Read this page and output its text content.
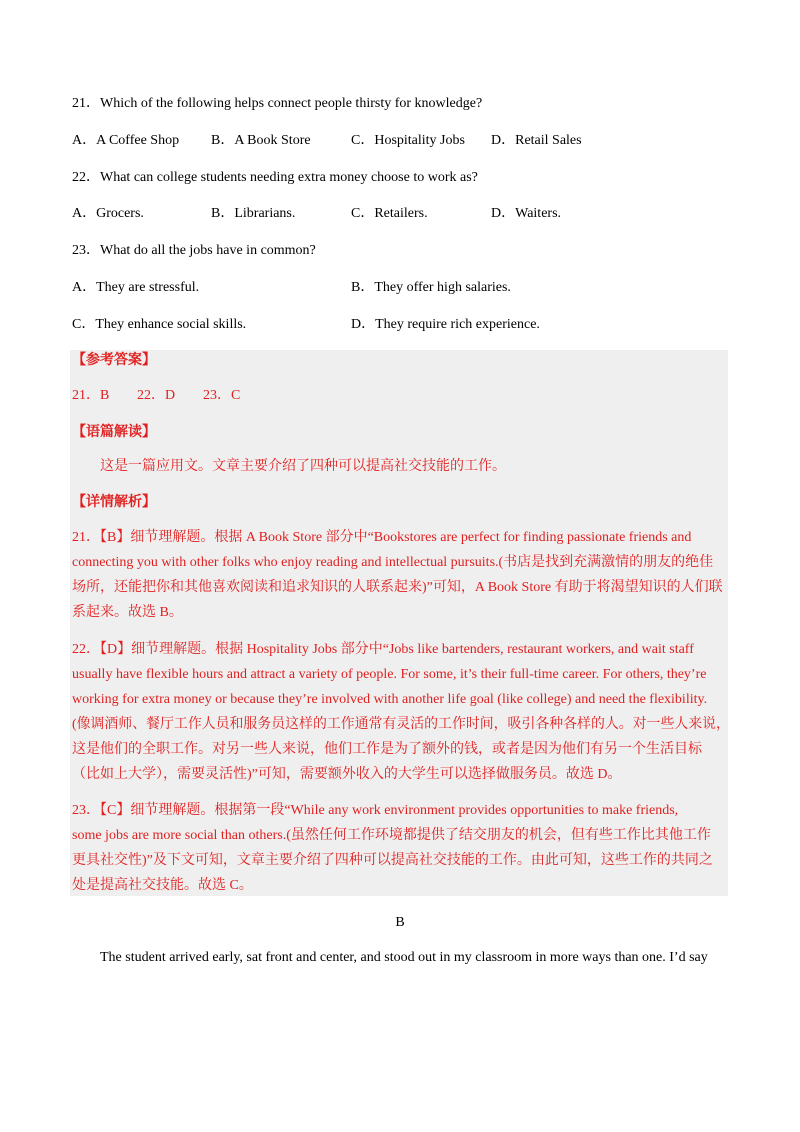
21．Which of the following helps connect people thirsty for knowledge?
A．A Coffee Shop B．A Book Store	C．Hospitality Jobs D．Retail Sales
22．What can college students needing extra money choose to work as?
A．Grocers.	B．Librarians.	C．Retailers.	D．Waiters.
23．What do all the jobs have in common?
A．They are stressful.	B．They offer high salaries.
C．They enhance social skills.	D．They require rich experience.
【参考答案】
21．B 22．D 23．C
【语篇解读】
这是一篇应用文。文章主要介绍了四种可以提高社交技能的工作。
【详情解析】
21．【B】细节理解题。根据 A Book Store 部分中“Bookstores are perfect for finding passionate friends and
connecting you with other folks who enjoy reading and intellectual pursuits.(书店是找到充满激情的朋友的绝佳
场所，还能把你和其他喜欢阅读和追求知识的人联系起来)”可知，A Book Store 有助于将渴望知识的人们联
系起来。故选 B。
22．【D】细节理解题。根据 Hospitality Jobs 部分中“Jobs like bartenders, restaurant workers, and wait staff
usually have flexible hours and attract a variety of people. For some, it’s their full-time career. For others, they’re
working for extra money or because they’re involved with another life goal (like college) and need the flexibility.
(像调酒师、餐厅工作人员和服务员这样的工作通常有灵活的工作时间，吸引各种各样的人。对一些人来说，
这是他们的全职工作。对另一些人来说，他们工作是为了额外的钱，或者是因为他们有另一个生活目标
（比如上大学），需要灵活性)”可知，需要额外收入的大学生可以选择做服务员。故选 D。
23．【C】细节理解题。根据第一段“While any work environment provides opportunities to make friends,
some jobs are more social than others.(虽然任何工作环境都提供了结交朋友的机会，但有些工作比其他工作
更具社交性)”及下文可知，文章主要介绍了四种可以提高社交技能的工作。由此可知，这些工作的共同之
处是提高社交技能。故选 C。
B
The student arrived early, sat front and center, and stood out in my classroom in more ways than one. I’d say
